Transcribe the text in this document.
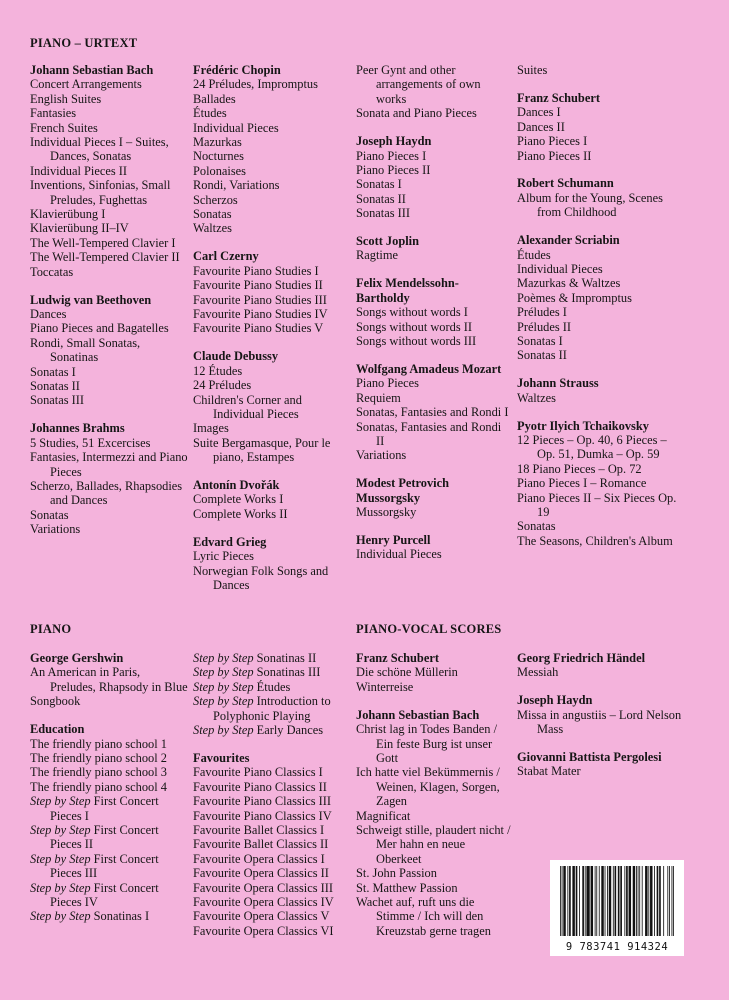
PIANO – URTEXT
Johann Sebastian Bach
Concert Arrangements
English Suites
Fantasies
French Suites
Individual Pieces I – Suites, Dances, Sonatas
Individual Pieces II
Inventions, Sinfonias, Small Preludes, Fughettas
Klavierübung I
Klavierübung II–IV
The Well-Tempered Clavier I
The Well-Tempered Clavier II
Toccatas
Ludwig van Beethoven
Dances
Piano Pieces and Bagatelles
Rondi, Small Sonatas, Sonatinas
Sonatas I
Sonatas II
Sonatas III
Johannes Brahms
5 Studies, 51 Excercises
Fantasies, Intermezzi and Piano Pieces
Scherzo, Ballades, Rhapsodies and Dances
Sonatas
Variations
Frédéric Chopin
24 Préludes, Impromptus
Ballades
Études
Individual Pieces
Mazurkas
Nocturnes
Polonaises
Rondi, Variations
Scherzos
Sonatas
Waltzes
Carl Czerny
Favourite Piano Studies I
Favourite Piano Studies II
Favourite Piano Studies III
Favourite Piano Studies IV
Favourite Piano Studies V
Claude Debussy
12 Études
24 Préludes
Children's Corner and Individual Pieces
Images
Suite Bergamasque, Pour le piano, Estampes
Antonín Dvořák
Complete Works I
Complete Works II
Edvard Grieg
Lyric Pieces
Norwegian Folk Songs and Dances
Peer Gynt and other arrangements of own works
Sonata and Piano Pieces
Joseph Haydn
Piano Pieces I
Piano Pieces II
Sonatas I
Sonatas II
Sonatas III
Scott Joplin
Ragtime
Felix Mendelssohn-Bartholdy
Songs without words I
Songs without words II
Songs without words III
Wolfgang Amadeus Mozart
Piano Pieces
Requiem
Sonatas, Fantasies and Rondi I
Sonatas, Fantasies and Rondi II
Variations
Modest Petrovich Mussorgsky
Mussorgsky
Henry Purcell
Individual Pieces
Suites
Franz Schubert
Dances I
Dances II
Piano Pieces I
Piano Pieces II
Robert Schumann
Album for the Young, Scenes from Childhood
Alexander Scriabin
Études
Individual Pieces
Mazurkas & Waltzes
Poèmes & Impromptus
Préludes I
Préludes II
Sonatas I
Sonatas II
Johann Strauss
Waltzes
Pyotr Ilyich Tchaikovsky
12 Pieces – Op. 40, 6 Pieces – Op. 51, Dumka – Op. 59
18 Piano Pieces – Op. 72
Piano Pieces I – Romance
Piano Pieces II – Six Pieces Op. 19
Sonatas
The Seasons, Children's Album
PIANO
George Gershwin
An American in Paris, Preludes, Rhapsody in Blue
Songbook
Education
The friendly piano school 1
The friendly piano school 2
The friendly piano school 3
The friendly piano school 4
Step by Step First Concert Pieces I
Step by Step First Concert Pieces II
Step by Step First Concert Pieces III
Step by Step First Concert Pieces IV
Step by Step Sonatinas I
Step by Step Sonatinas II
Step by Step Sonatinas III
Step by Step Études
Step by Step Introduction to Polyphonic Playing
Step by Step Early Dances
Favourites
Favourite Piano Classics I
Favourite Piano Classics II
Favourite Piano Classics III
Favourite Piano Classics IV
Favourite Ballet Classics I
Favourite Ballet Classics II
Favourite Opera Classics I
Favourite Opera Classics II
Favourite Opera Classics III
Favourite Opera Classics IV
Favourite Opera Classics V
Favourite Opera Classics VI
PIANO-VOCAL SCORES
Franz Schubert
Die schöne Müllerin
Winterreise
Johann Sebastian Bach
Christ lag in Todes Banden / Ein feste Burg ist unser Gott
Ich hatte viel Bekümmernis / Weinen, Klagen, Sorgen, Zagen
Magnificat
Schweigt stille, plaudert nicht / Mer hahn en neue Oberkeet
St. John Passion
St. Matthew Passion
Wachet auf, ruft uns die Stimme / Ich will den Kreuzstab gerne tragen
Georg Friedrich Händel
Messiah
Joseph Haydn
Missa in angustiis – Lord Nelson Mass
Giovanni Battista Pergolesi
Stabat Mater
9 783741 914324
